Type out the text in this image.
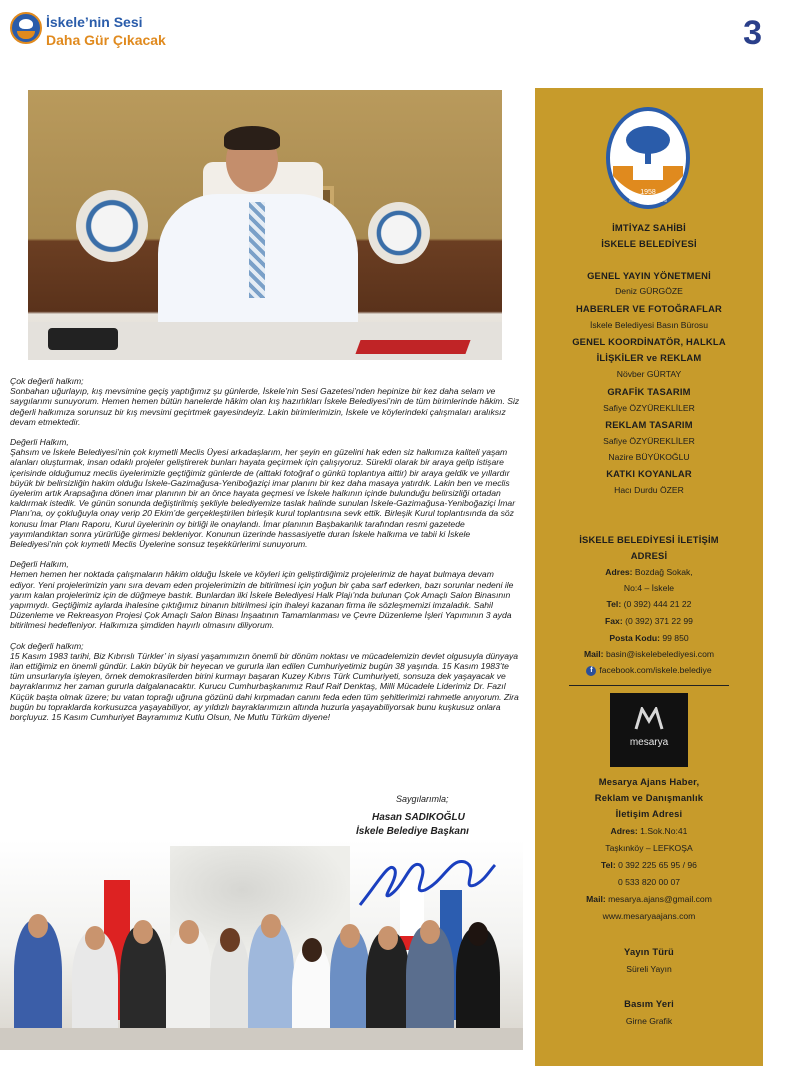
İskele’nin Sesi
Daha Gür Çıkacak	3

Çok değerli halkım;
Sonbahan uğurlayıp, kış mevsimine geçiş yaptığımız şu günlerde, İskele’nin Sesi Gazetesi’nden hepinize bir kez daha selam ve saygılarımı sunuyorum. Hemen hemen bütün hanelerde hâkim olan kış hazırlıkları İskele Belediyesi’nin de tüm birimlerinde hâkim. Siz değerli halkımıza sorunsuz bir kış mevsimi geçirtmek gayesindeyiz. Lakin birimlerimizin, İskele ve köylerindeki çalışmaları aralıksız devam etmektedir.

Değerli Halkım,
Şahsım ve İskele Belediyesi’nin çok kıymetli Meclis Üyesi arkadaşlarım, her şeyin en güzelini hak eden siz halkımıza kaliteli yaşam alanları oluşturmak, insan odaklı projeler geliştirerek bunları hayata geçirmek için çalışıyoruz. Sürekli olarak bir araya gelip istişare içerisinde olduğumuz meclis üyelerimizle geçtiğimiz günlerde de (alttaki fotoğraf o günkü toplantıya aittir) bir araya geldik ve yıllardır büyük bir belirsizliğin hakim olduğu İskele-Gazimağusa-Yeniboğaziçi imar planını bir kez daha masaya yatırdık. Lakin ben ve meclis üyelerim artık Arapsağına dönen imar planının bir an önce hayata geçmesi ve İskele halkının içinde bulunduğu belirsizliği ortadan kaldırmak istedik. Ve günün sonunda değiştirilmiş şekliyle belediyemize taslak halinde sunulan İskele-Gazimağusa-Yeniboğaziçi İmar Planı’na, oy çokluğuyla onay verip 20 Ekim’de gerçekleştirilen birleşik kurul toplantısına sevk ettik. Birleşik Kurul toplantısında da söz konusu İmar Planı Raporu, Kurul üyelerinin oy birliği ile onaylandı. İmar planının Başbakanlık tarafından resmi gazetede yayımlandıktan sonra yürürlüğe girmesi bekleniyor. Konunun üzerinde hassasiyetle duran İskele halkıma ve tabii ki İskele Belediyesi’nin çok kıymetli Meclis Üyelerine sonsuz teşekkürlerimi sunuyorum.

Değerli Halkım,
Hemen hemen her noktada çalışmaların hâkim olduğu İskele ve köyleri için geliştirdiğimiz projelerimiz de hayat bulmaya devam ediyor. Yeni projelerimizin yanı sıra devam eden projelerimizin de bitirilmesi için yoğun bir çaba sarf ederken, bazı sorunlar nedeni ile yarım kalan projelerimiz için de düğmeye bastık. Bunlardan ilki İskele Belediyesi Halk Plajı’nda bulunan Çok Amaçlı Salon Binasının yapımıydı. Geçtiğimiz aylarda ihalesine çıktığımız binanın bitirilmesi için ihaleyi kazanan firma ile sözleşmemizi imzaladık. Sahil Düzenleme ve Rekreasyon Projesi Çok Amaçlı Salon Binası İnşaatının Tamamlanması ve Çevre Düzenleme İşleri Yapımının 3 ayda bitirilmesi hedefleniyor. Halkımıza şimdiden hayırlı olmasını diliyorum.

Çok değerli halkım;
15 Kasım 1983 tarihi, Biz Kıbrıslı Türkler’ in siyasi yaşamımızın önemli bir dönüm noktası ve mücadelemizin devlet olgusuyla dünyaya ilan ettiğimiz en önemli gündür. Lakin büyük bir heyecan ve gururla ilan edilen Cumhuriyetimiz bugün 38 yaşında. 15 Kasım 1983’te tüm unsurlarıyla işleyen, örnek demokrasilerden birini kurmayı başaran Kuzey Kıbrıs Türk Cumhuriyeti, sonsuza dek yaşayacak ve bayraklarımız her zaman gururla dalgalanacaktır. Kurucu Cumhurbaşkanımız Rauf Raif Denktaş, Milli Mücadele Liderimiz Dr. Fazıl Küçük başta olmak üzere; bu vatan toprağı uğruna gözünü dahi kırpmadan canını feda eden tüm şehitlerimizi rahmetle anıyorum. Zira bugün bu topraklarda korkusuzca yaşayabiliyor, ay yıldızlı bayraklarımızın altında huzurla yaşayabiliyorsak bunu kuşkusuz onlara borçluyuz. 15 Kasım Cumhuriyet Bayramımız Kutlu Olsun, Ne Mutlu Türküm diyene!

Saygılarımla;
Hasan SADIKOĞLU
İskele Belediye Başkanı
1958
İSKELE BELEDİYESİ
İMTİYAZ SAHİBİ
İSKELE BELEDİYESİ
GENEL YAYIN YÖNETMENİ
Deniz GÜRGÖZE
HABERLER VE FOTOĞRAFLAR
İskele Belediyesi Basın Bürosu
GENEL KOORDİNATÖR, HALKLA
İLİŞKİLER ve REKLAM
Növber GÜRTAY
GRAFİK TASARIM
Safiye ÖZYÜREKLİLER
REKLAM TASARIM
Safiye ÖZYÜREKLİLER
Nazire BÜYÜKOĞLU
KATKI KOYANLAR
Hacı Durdu ÖZER
İSKELE BELEDİYESİ İLETİŞİM
ADRESİ
Adres: Bozdağ Sokak,
No:4 – İskele
Tel: (0 392) 444 21 22
Fax: (0 392) 371 22 99
Posta Kodu: 99 850
Mail: basin@iskelebelediyesi.com
f facebook.com/iskele.belediye
mesarya
Mesarya Ajans Haber,
Reklam ve Danışmanlık
İletişim Adresi
Adres: 1.Sok.No:41
Taşkınköy – LEFKOŞA
Tel: 0 392 225 65 95 / 96
0 533 820 00 07
Mail: mesarya.ajans@gmail.com
www.mesaryaajans.com
Yayın Türü
Süreli Yayın
Basım Yeri
Girne Grafik
